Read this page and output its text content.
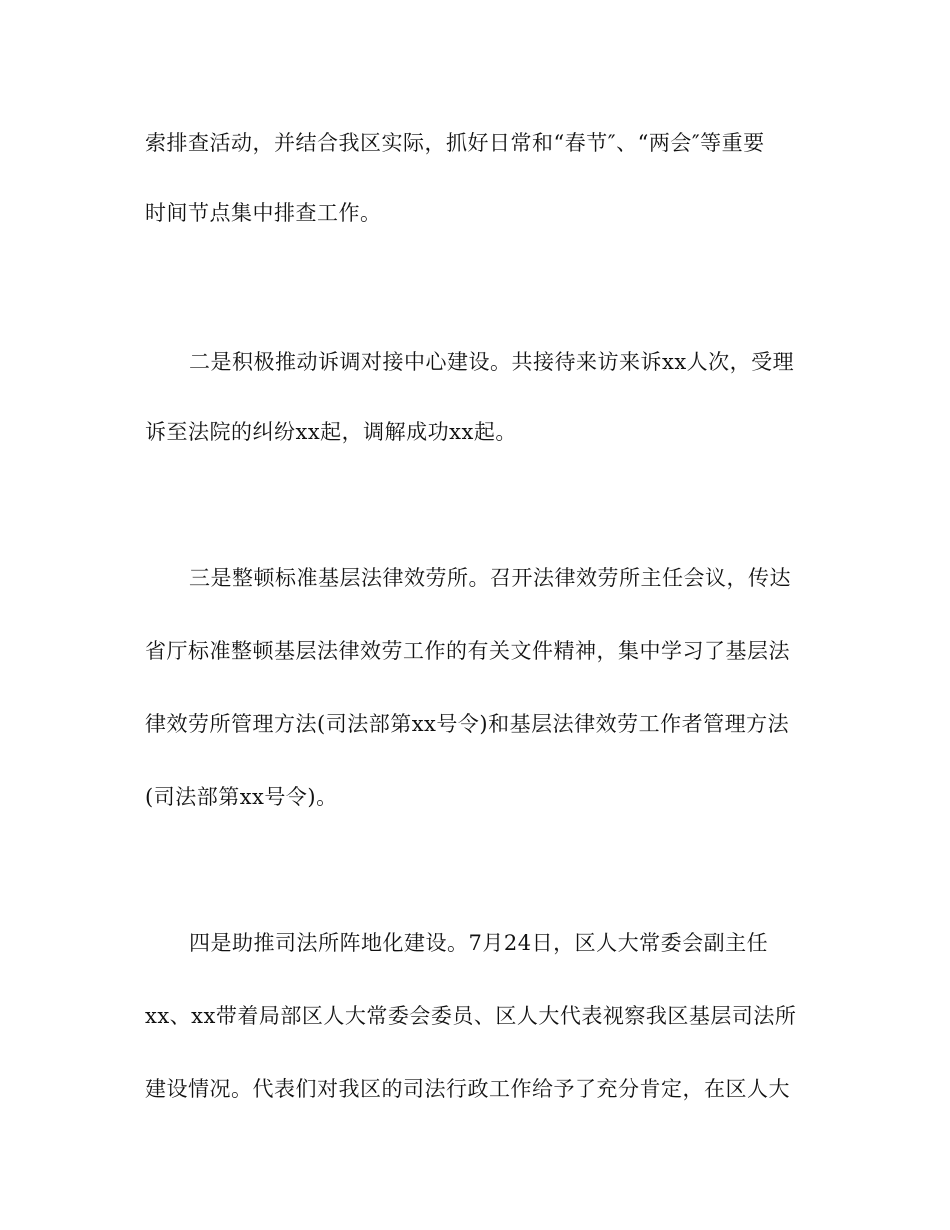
索排查活动，并结合我区实际，抓好日常和“春节″、“两会″等重要
时间节点集中排查工作。
二是积极推动诉调对接中心建设。共接待来访来诉xx人次，受理
诉至法院的纠纷xx起，调解成功xx起。
三是整顿标准基层法律效劳所。召开法律效劳所主任会议，传达
省厅标准整顿基层法律效劳工作的有关文件精神，集中学习了基层法
律效劳所管理方法(司法部第xx号令)和基层法律效劳工作者管理方法
(司法部第xx号令)。
四是助推司法所阵地化建设。7月24日，区人大常委会副主任
xx、xx带着局部区人大常委会委员、区人大代表视察我区基层司法所
建设情况。代表们对我区的司法行政工作给予了充分肯定，在区人大
